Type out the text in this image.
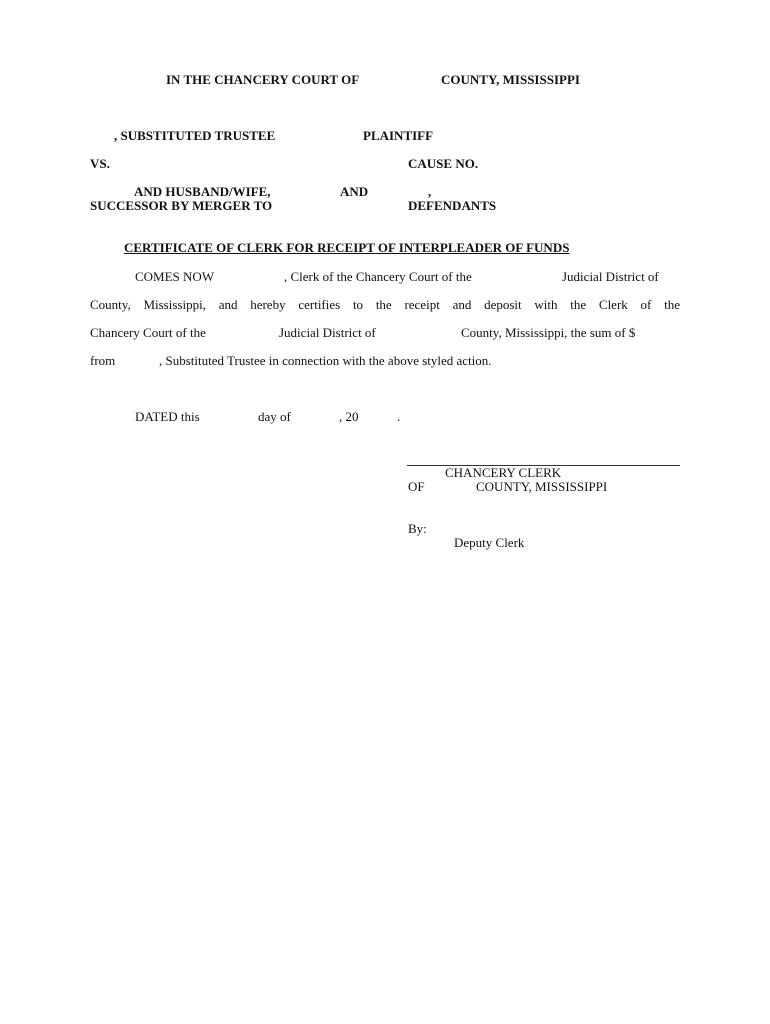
IN THE CHANCERY COURT OF	COUNTY, MISSISSIPPI
, SUBSTITUTED TRUSTEE	PLAINTIFF
VS.	CAUSE NO.
AND HUSBAND/WIFE,	AND	,
SUCCESSOR BY MERGER TO	DEFENDANTS
CERTIFICATE OF CLERK FOR RECEIPT OF INTERPLEADER OF FUNDS
COMES NOW	, Clerk of the Chancery Court of the	Judicial District of
County, Mississippi, and hereby certifies to the receipt and deposit with the Clerk of the
Chancery Court of the	Judicial District of	County, Mississippi, the sum of $
from	, Substituted Trustee in connection with the above styled action.
DATED this	day of	, 20	.
CHANCERY CLERK
OF	COUNTY, MISSISSIPPI
By:
Deputy Clerk
